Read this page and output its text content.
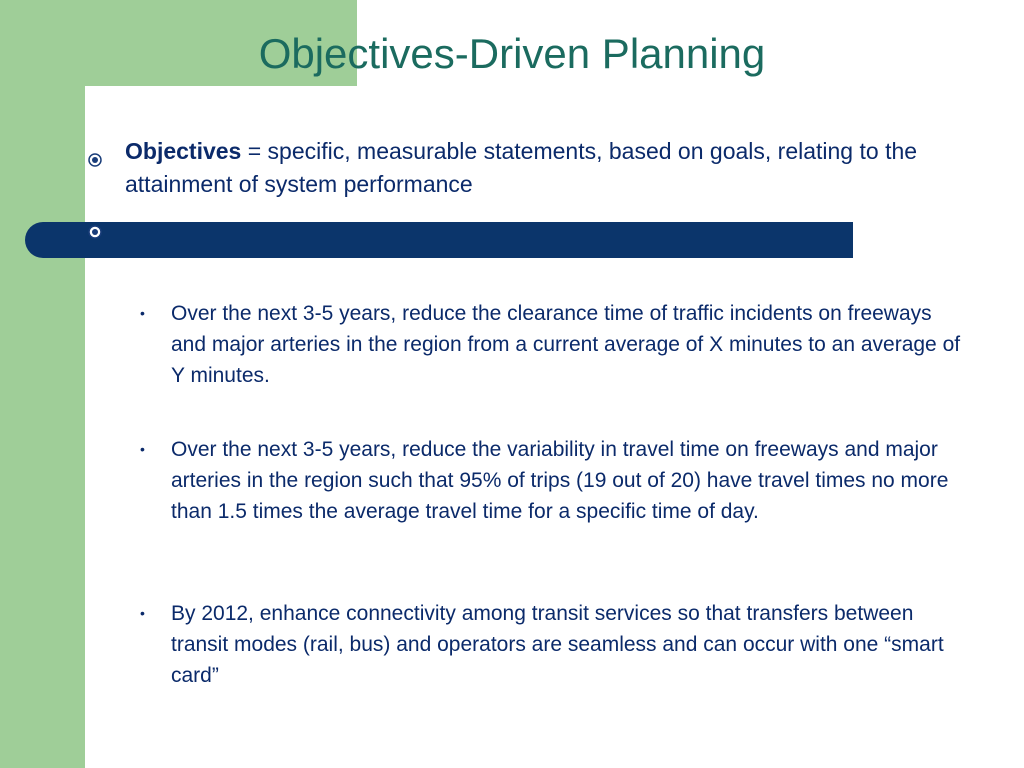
Objectives-Driven Planning
Objectives = specific, measurable statements, based on goals, relating to the attainment of system performance
• Over the next 3-5 years, reduce the clearance time of traffic incidents on freeways and major arteries in the region from a current average of X minutes to an average of Y minutes.
• Over the next 3-5 years, reduce the variability in travel time on freeways and major arteries in the region such that 95% of trips (19 out of 20) have travel times no more than 1.5 times the average travel time for a specific time of day.
• By 2012, enhance connectivity among transit services so that transfers between transit modes (rail, bus) and operators are seamless and can occur with one “smart card”
